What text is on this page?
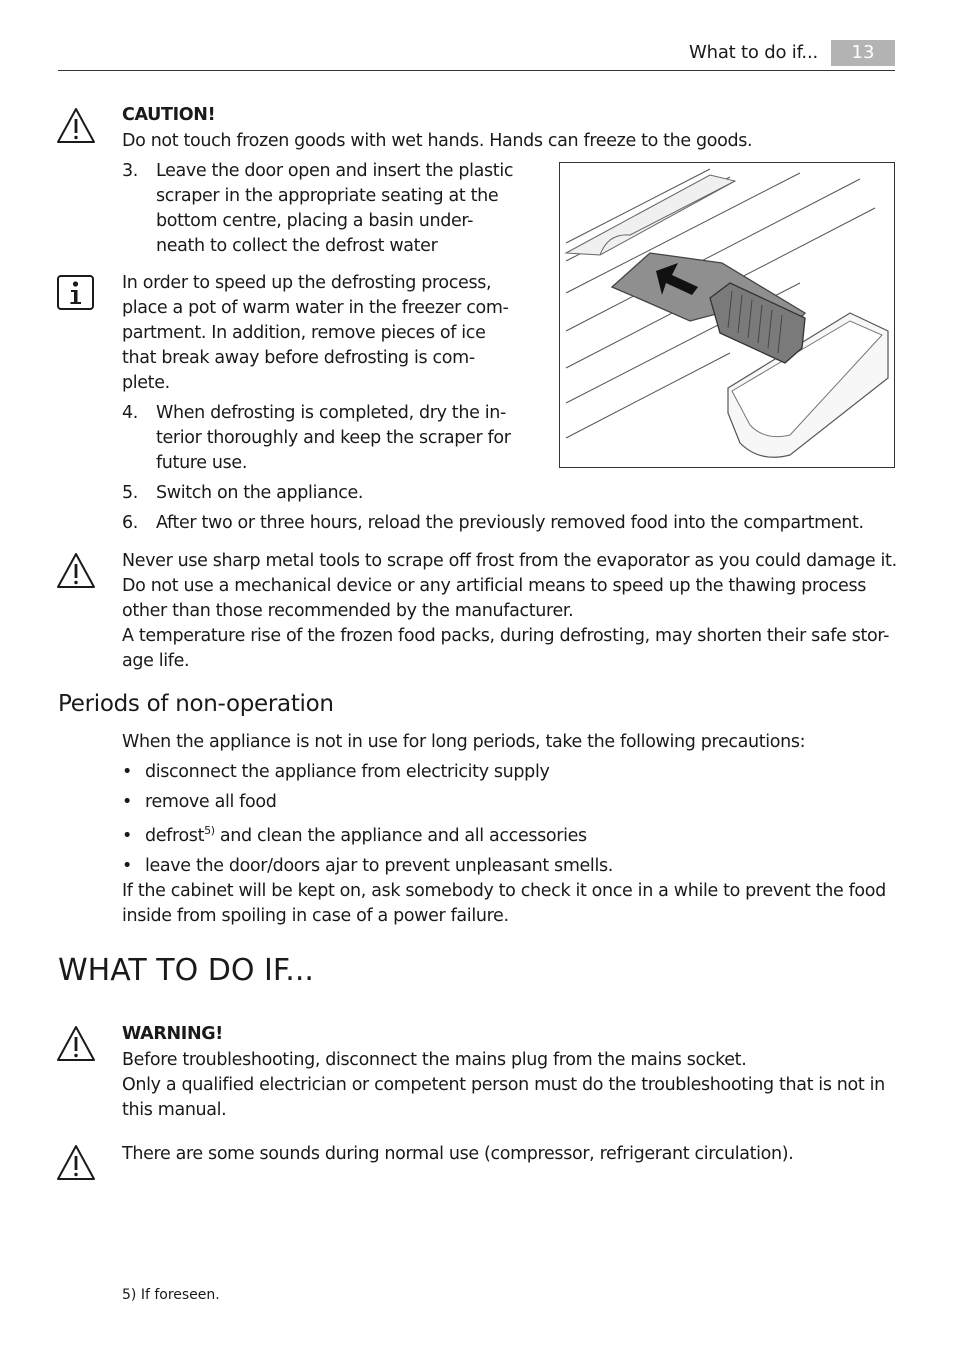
What to do if...	13
CAUTION!
Do not touch frozen goods with wet hands. Hands can freeze to the goods.
3. Leave the door open and insert the plastic
scraper in the appropriate seating at the
bottom centre, placing a basin under-
neath to collect the defrost water
In order to speed up the defrosting process,
place a pot of warm water in the freezer com-
partment. In addition, remove pieces of ice
that break away before defrosting is com-
plete.
4. When defrosting is completed, dry the in-
terior thoroughly and keep the scraper for
future use.
5. Switch on the appliance.
6. After two or three hours, reload the previously removed food into the compartment.
Never use sharp metal tools to scrape off frost from the evaporator as you could damage it.
Do not use a mechanical device or any artificial means to speed up the thawing process
other than those recommended by the manufacturer.
A temperature rise of the frozen food packs, during defrosting, may shorten their safe stor-
age life.
Periods of non-operation
When the appliance is not in use for long periods, take the following precautions:
• disconnect the appliance from electricity supply
• remove all food
• defrost$^{5)}$ and clean the appliance and all accessories
• leave the door/doors ajar to prevent unpleasant smells.
If the cabinet will be kept on, ask somebody to check it once in a while to prevent the food
inside from spoiling in case of a power failure.
WHAT TO DO IF...
WARNING!
Before troubleshooting, disconnect the mains plug from the mains socket.
Only a qualified electrician or competent person must do the troubleshooting that is not in
this manual.
There are some sounds during normal use (compressor, refrigerant circulation).
5) If foreseen.
